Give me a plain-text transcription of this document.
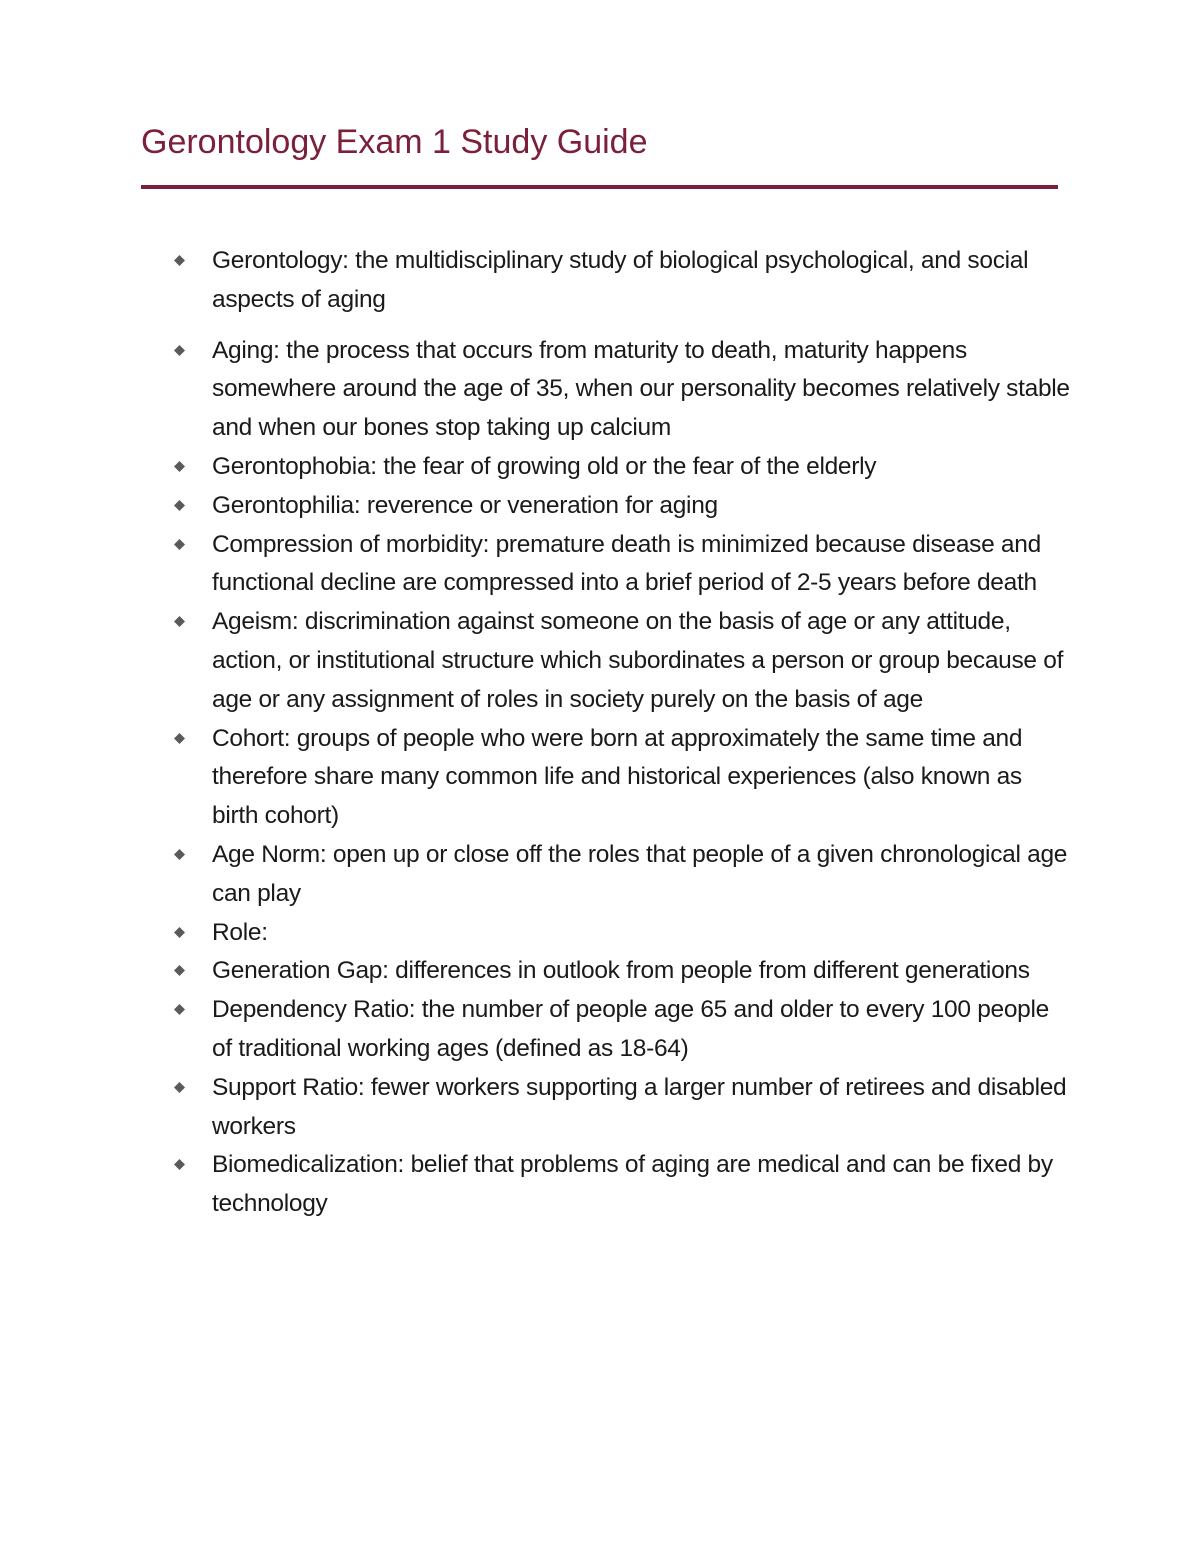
Gerontology Exam 1 Study Guide
Gerontology: the multidisciplinary study of biological psychological, and social aspects of aging
Aging: the process that occurs from maturity to death, maturity happens somewhere around the age of 35, when our personality becomes relatively stable and when our bones stop taking up calcium
Gerontophobia: the fear of growing old or the fear of the elderly
Gerontophilia: reverence or veneration for aging
Compression of morbidity: premature death is minimized because disease and functional decline are compressed into a brief period of 2-5 years before death
Ageism: discrimination against someone on the basis of age or any attitude, action, or institutional structure which subordinates a person or group because of age or any assignment of roles in society purely on the basis of age
Cohort: groups of people who were born at approximately the same time and therefore share many common life and historical experiences (also known as birth cohort)
Age Norm: open up or close off the roles that people of a given chronological age can play
Role:
Generation Gap: differences in outlook from people from different generations
Dependency Ratio: the number of people age 65 and older to every 100 people of traditional working ages (defined as 18-64)
Support Ratio: fewer workers supporting a larger number of retirees and disabled workers
Biomedicalization: belief that problems of aging are medical and can be fixed by technology
